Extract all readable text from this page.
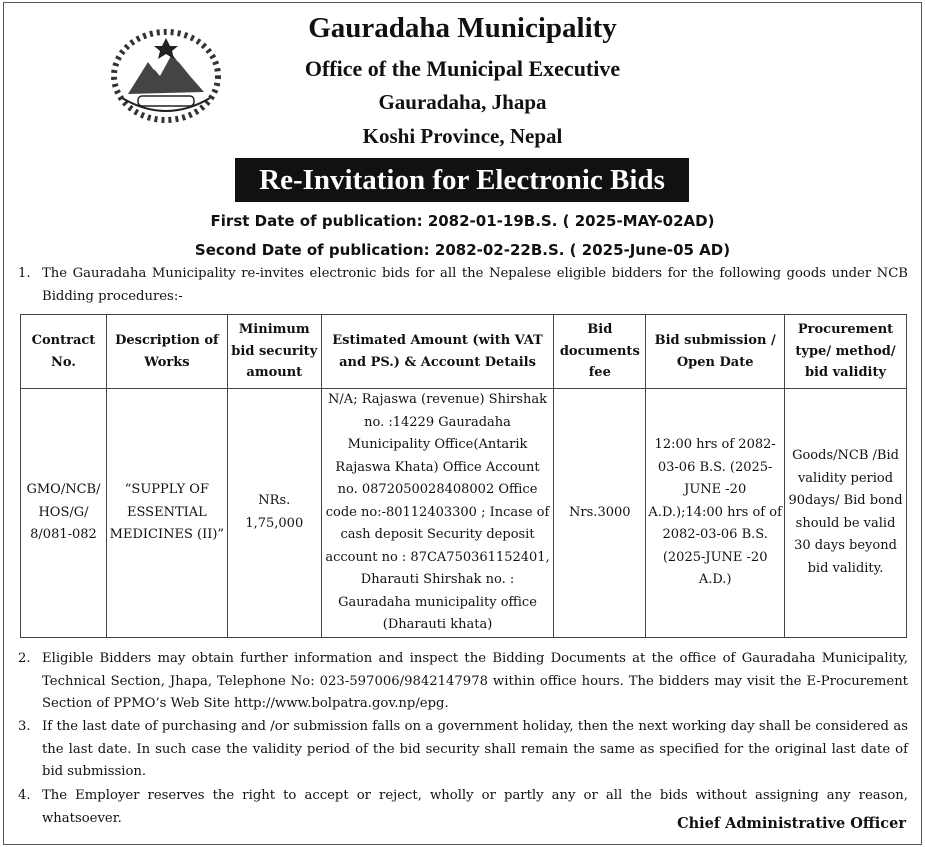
Gauradaha Municipality
Office of the Municipal Executive
Gauradaha, Jhapa
Koshi Province, Nepal
Re-Invitation for Electronic Bids
First Date of publication: 2082-01-19B.S. ( 2025-MAY-02AD)
Second Date of publication: 2082-02-22B.S. ( 2025-June-05 AD)
1. The Gauradaha Municipality re-invites electronic bids for all the Nepalese eligible bidders for the following goods under NCB Bidding procedures:-
Contract No.	Description of Works	Minimum bid security amount	Estimated Amount (with VAT and PS.) & Account Details	Bid documents fee	Bid submission / Open Date	Procurement type/ method/ bid validity
GMO/NCB/ HOS/G/ 8/081-082	“SUPPLY OF ESSENTIAL MEDICINES (II)”	NRs. 1,75,000	N/A; Rajaswa (revenue) Shirshak no. :14229 Gauradaha Municipality Office(Antarik Rajaswa Khata) Office Account no. 0872050028408002 Office code no:-80112403300 ; Incase of cash deposit Security deposit account no : 87CA750361152401, Dharauti Shirshak no. : Gauradaha municipality office (Dharauti khata)	Nrs.3000	12:00 hrs of 2082-03-06 B.S. (2025-JUNE -20 A.D.);14:00 hrs of of 2082-03-06 B.S.(2025-JUNE -20 A.D.)	Goods/NCB /Bid validity period 90days/ Bid bond should be valid 30 days beyond bid validity.
2. Eligible Bidders may obtain further information and inspect the Bidding Documents at the office of Gauradaha Municipality, Technical Section, Jhapa, Telephone No: 023-597006/9842147978 within office hours. The bidders may visit the E-Procurement Section of PPMO’s Web Site http://www.bolpatra.gov.np/epg.
3. If the last date of purchasing and /or submission falls on a government holiday, then the next working day shall be considered as the last date. In such case the validity period of the bid security shall remain the same as specified for the original last date of bid submission.
4. The Employer reserves the right to accept or reject, wholly or partly any or all the bids without assigning any reason, whatsoever.	Chief Administrative Officer
